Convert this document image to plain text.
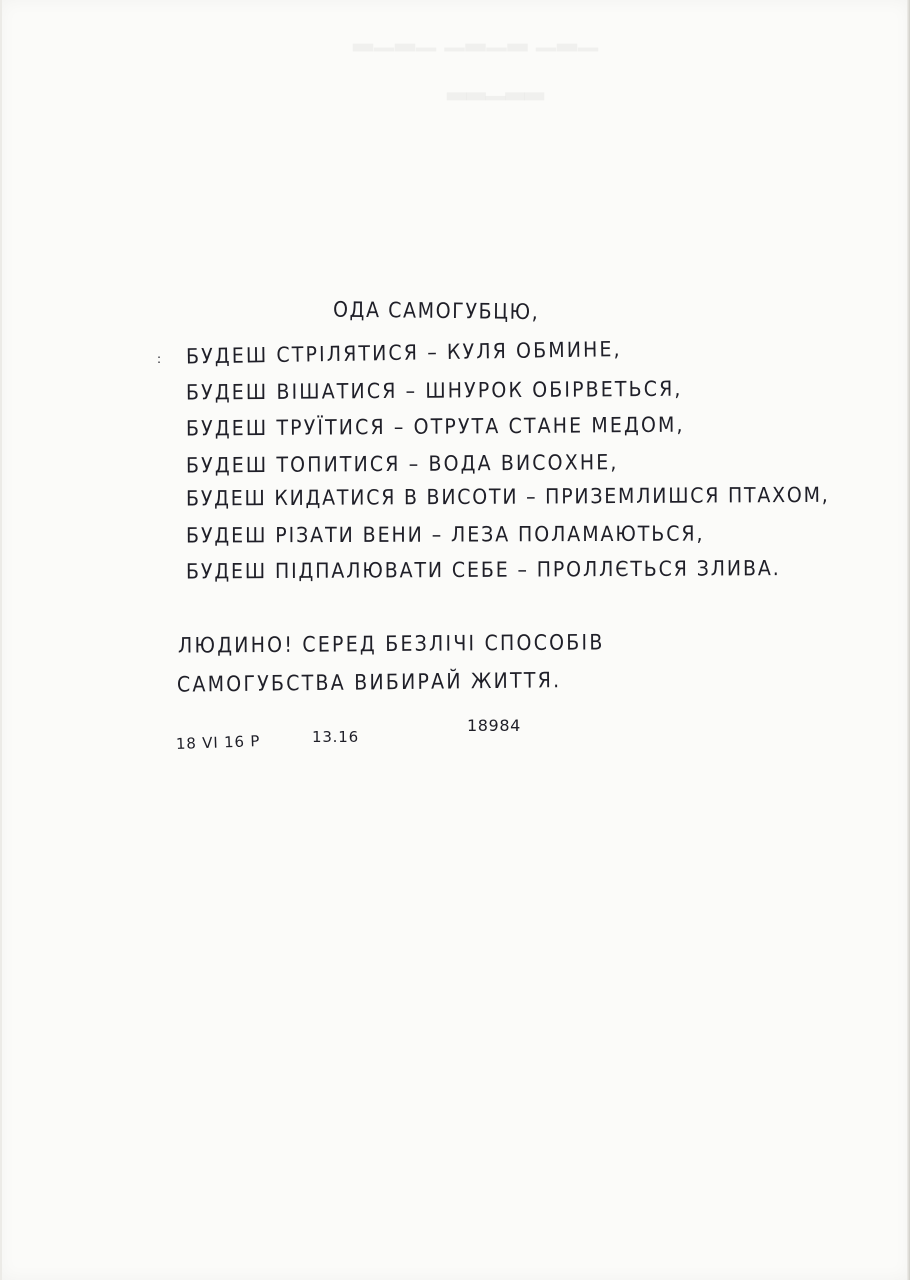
▁▂▁ ▂▁▂▁ ▁▂▁▂
▂▂▁▂▂
ОДА САМОГУБЦЮ,
: БУДЕШ СТРІЛЯТИСЯ – КУЛЯ ОБМИНЕ,
БУДЕШ ВІШАТИСЯ – ШНУРОК ОБІРВЕТЬСЯ,
БУДЕШ ТРУЇТИСЯ – ОТРУТА СТАНЕ МЕДОМ,
БУДЕШ ТОПИТИСЯ – ВОДА ВИСОХНЕ,
БУДЕШ КИДАТИСЯ В ВИСОТИ – ПРИЗЕМЛИШСЯ ПТАХОМ,
БУДЕШ РІЗАТИ ВЕНИ – ЛЕЗА ПОЛАМАЮТЬСЯ,
БУДЕШ ПІДПАЛЮВАТИ СЕБЕ – ПРОЛЛЄТЬСЯ ЗЛИВА.
ЛЮДИНО! СЕРЕД БЕЗЛІЧІ СПОСОБІВ
САМОГУБСТВА ВИБИРАЙ ЖИТТЯ.
18 VI 16 Р	13.16
18984
